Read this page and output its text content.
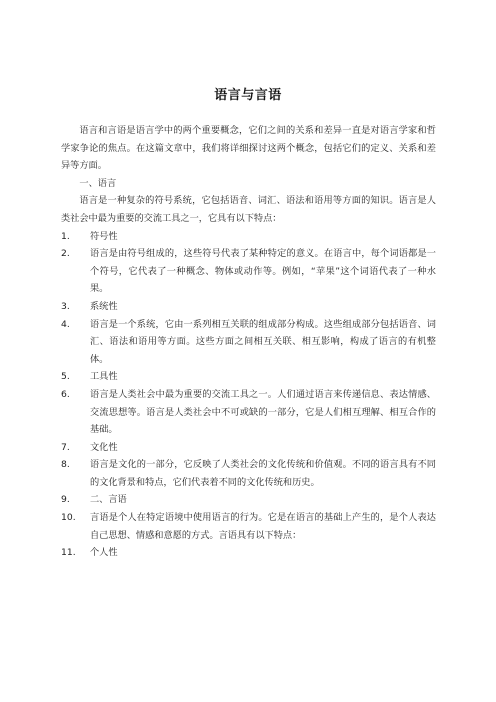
语言与言语

语言和言语是语言学中的两个重要概念，它们之间的关系和差异一直是对语言学家和哲学家争论的焦点。在这篇文章中，我们将详细探讨这两个概念，包括它们的定义、关系和差异等方面。

一、语言

语言是一种复杂的符号系统，它包括语音、词汇、语法和语用等方面的知识。语言是人类社会中最为重要的交流工具之一，它具有以下特点：

1.	符号性
2.	语言是由符号组成的，这些符号代表了某种特定的意义。在语言中，每个词语都是一个符号，它代表了一种概念、物体或动作等。例如，“苹果”这个词语代表了一种水果。
3.	系统性
4.	语言是一个系统，它由一系列相互关联的组成部分构成。这些组成部分包括语音、词汇、语法和语用等方面。这些方面之间相互关联、相互影响，构成了语言的有机整体。
5.	工具性
6.	语言是人类社会中最为重要的交流工具之一。人们通过语言来传递信息、表达情感、交流思想等。语言是人类社会中不可或缺的一部分，它是人们相互理解、相互合作的基础。
7.	文化性
8.	语言是文化的一部分，它反映了人类社会的文化传统和价值观。不同的语言具有不同的文化背景和特点，它们代表着不同的文化传统和历史。
9.	二、言语
10.	言语是个人在特定语境中使用语言的行为。它是在语言的基础上产生的，是个人表达自己思想、情感和意愿的方式。言语具有以下特点：
11.	个人性
